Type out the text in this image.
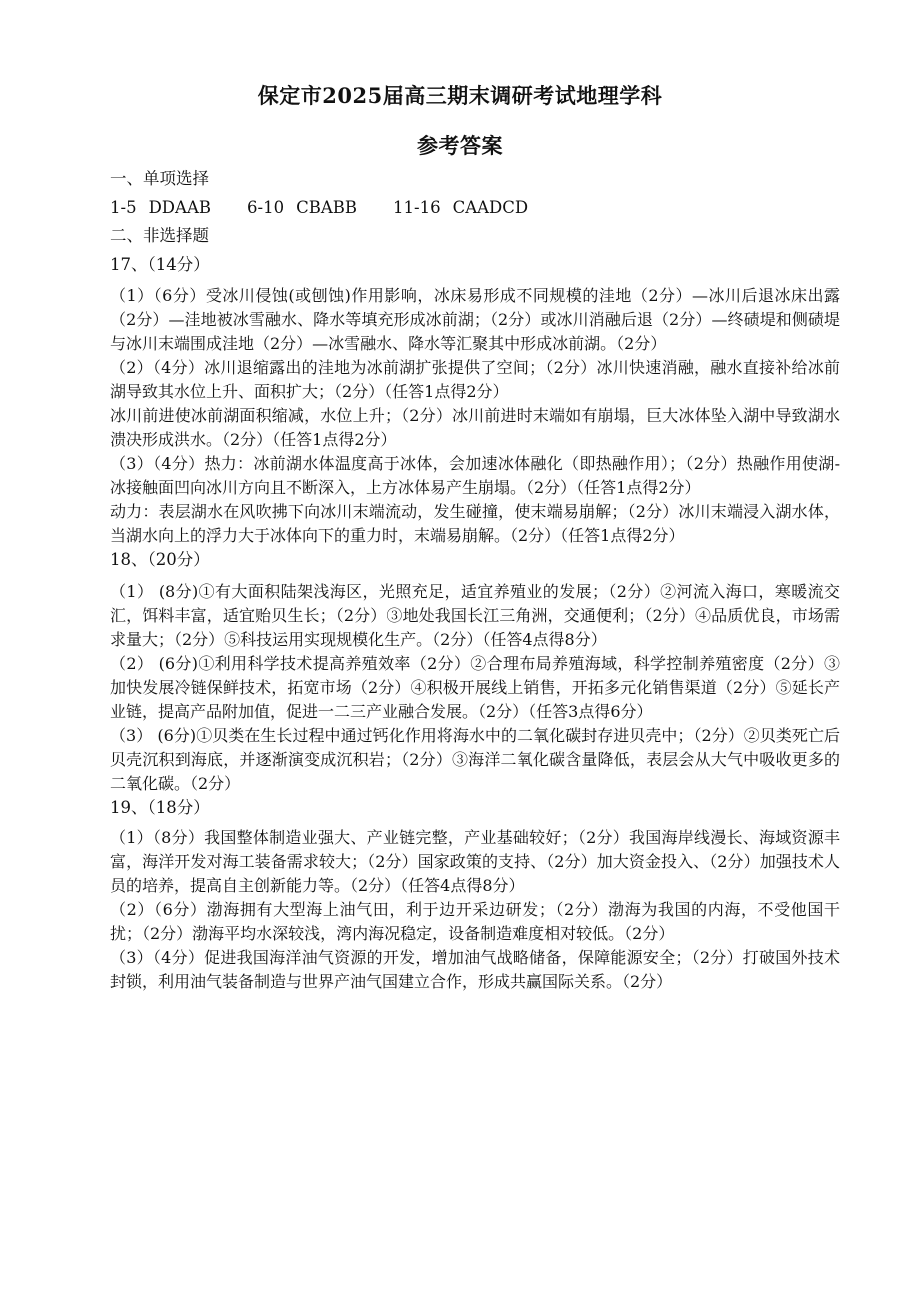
保定市2025届高三期末调研考试地理学科
参考答案
一、单项选择
1-5 DDAAB 6-10 CBABB 11-16 CAADCD
二、非选择题
17、（14分）
（1）（6分）受冰川侵蚀(或刨蚀)作用影响，冰床易形成不同规模的洼地（2分）—冰川后退冰床出露（2分）—洼地被冰雪融水、降水等填充形成冰前湖；（2分）或冰川消融后退（2分）—终碛堤和侧碛堤与冰川末端围成洼地（2分）—冰雪融水、降水等汇聚其中形成冰前湖。（2分）
（2）（4分）冰川退缩露出的洼地为冰前湖扩张提供了空间；（2分）冰川快速消融，融水直接补给冰前湖导致其水位上升、面积扩大；（2分）（任答1点得2分）
冰川前进使冰前湖面积缩减，水位上升；（2分）冰川前进时末端如有崩塌，巨大冰体坠入湖中导致湖水溃决形成洪水。（2分）（任答1点得2分）
（3）（4分）热力：冰前湖水体温度高于冰体，会加速冰体融化（即热融作用）；（2分）热融作用使湖-冰接触面凹向冰川方向且不断深入，上方冰体易产生崩塌。（2分）（任答1点得2分）
动力：表层湖水在风吹拂下向冰川末端流动，发生碰撞，使末端易崩解；（2分）冰川末端浸入湖水体，当湖水向上的浮力大于冰体向下的重力时，末端易崩解。（2分）（任答1点得2分）
18、（20分）
（1） (8分)①有大面积陆架浅海区，光照充足，适宜养殖业的发展；（2分）②河流入海口，寒暖流交汇，饵料丰富，适宜贻贝生长；（2分）③地处我国长江三角洲，交通便利；（2分）④品质优良，市场需求量大；（2分）⑤科技运用实现规模化生产。（2分）（任答4点得8分）
（2） (6分)①利用科学技术提高养殖效率（2分）②合理布局养殖海域，科学控制养殖密度（2分）③加快发展冷链保鲜技术，拓宽市场（2分）④积极开展线上销售，开拓多元化销售渠道（2分）⑤延长产业链，提高产品附加值，促进一二三产业融合发展。（2分）（任答3点得6分）
（3） (6分)①贝类在生长过程中通过钙化作用将海水中的二氧化碳封存进贝壳中；（2分）②贝类死亡后贝壳沉积到海底，并逐渐演变成沉积岩；（2分）③海洋二氧化碳含量降低，表层会从大气中吸收更多的二氧化碳。（2分）
19、（18分）
（1）（8分）我国整体制造业强大、产业链完整，产业基础较好；（2分）我国海岸线漫长、海域资源丰富，海洋开发对海工装备需求较大；（2分）国家政策的支持、（2分）加大资金投入、（2分）加强技术人员的培养，提高自主创新能力等。（2分）（任答4点得8分）
（2）（6分）渤海拥有大型海上油气田，利于边开采边研发；（2分）渤海为我国的内海，不受他国干扰；（2分）渤海平均水深较浅，湾内海况稳定，设备制造难度相对较低。（2分）
（3）（4分）促进我国海洋油气资源的开发，增加油气战略储备，保障能源安全；（2分）打破国外技术封锁，利用油气装备制造与世界产油气国建立合作，形成共赢国际关系。（2分）
